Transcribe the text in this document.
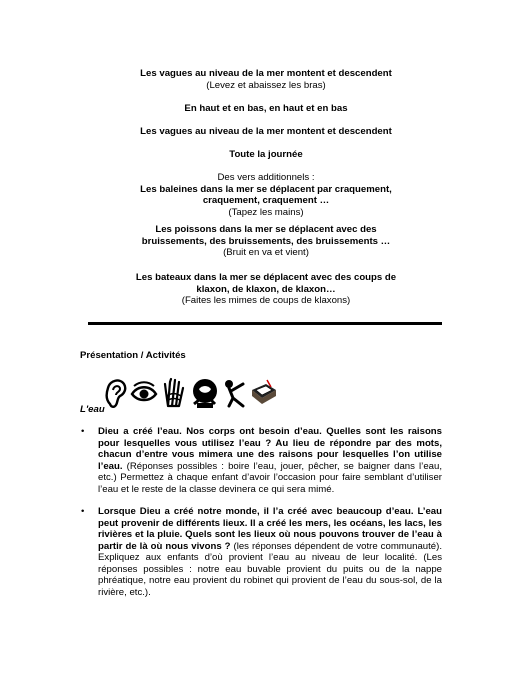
Les vagues au niveau de la mer montent et descendent

(Levez et abaissez les bras)

En haut et en bas, en haut et en bas

Les vagues au niveau de la mer montent et descendent

Toute la journée

Des vers additionnels :

Les baleines dans la mer se déplacent par craquement,

craquement, craquement …

(Tapez les mains)

Les poissons dans la mer se déplacent avec des

bruissements, des bruissements, des bruissements …

(Bruit en va et vient)

Les bateaux dans la mer se déplacent avec des coups de

klaxon, de klaxon, de klaxon…

(Faites les mimes de coups de klaxons)

Présentation / Activités
L'eau
• Dieu a créé l’eau. Nos corps ont besoin d’eau. Quelles sont les raisons pour lesquelles vous utilisez l’eau ? Au lieu de répondre par des mots, chacun d’entre vous mimera une des raisons pour lesquelles l’on utilise l’eau. (Réponses possibles : boire l’eau, jouer, pêcher, se baigner dans l’eau, etc.) Permettez à chaque enfant d’avoir l’occasion pour faire semblant d’utiliser l’eau et le reste de la classe devinera ce qui sera mimé.
• Lorsque Dieu a créé notre monde, il l’a créé avec beaucoup d’eau. L’eau peut provenir de différents lieux. Il a créé les mers, les océans, les lacs, les rivières et la pluie. Quels sont les lieux où nous pouvons trouver de l’eau à partir de là où nous vivons ? (les réponses dépendent de votre communauté). Expliquez aux enfants d’où provient l’eau au niveau de leur localité. (Les réponses possibles : notre eau buvable provient du puits ou de la nappe phréatique, notre eau provient du robinet qui provient de l’eau du sous-sol, de la rivière, etc.).
